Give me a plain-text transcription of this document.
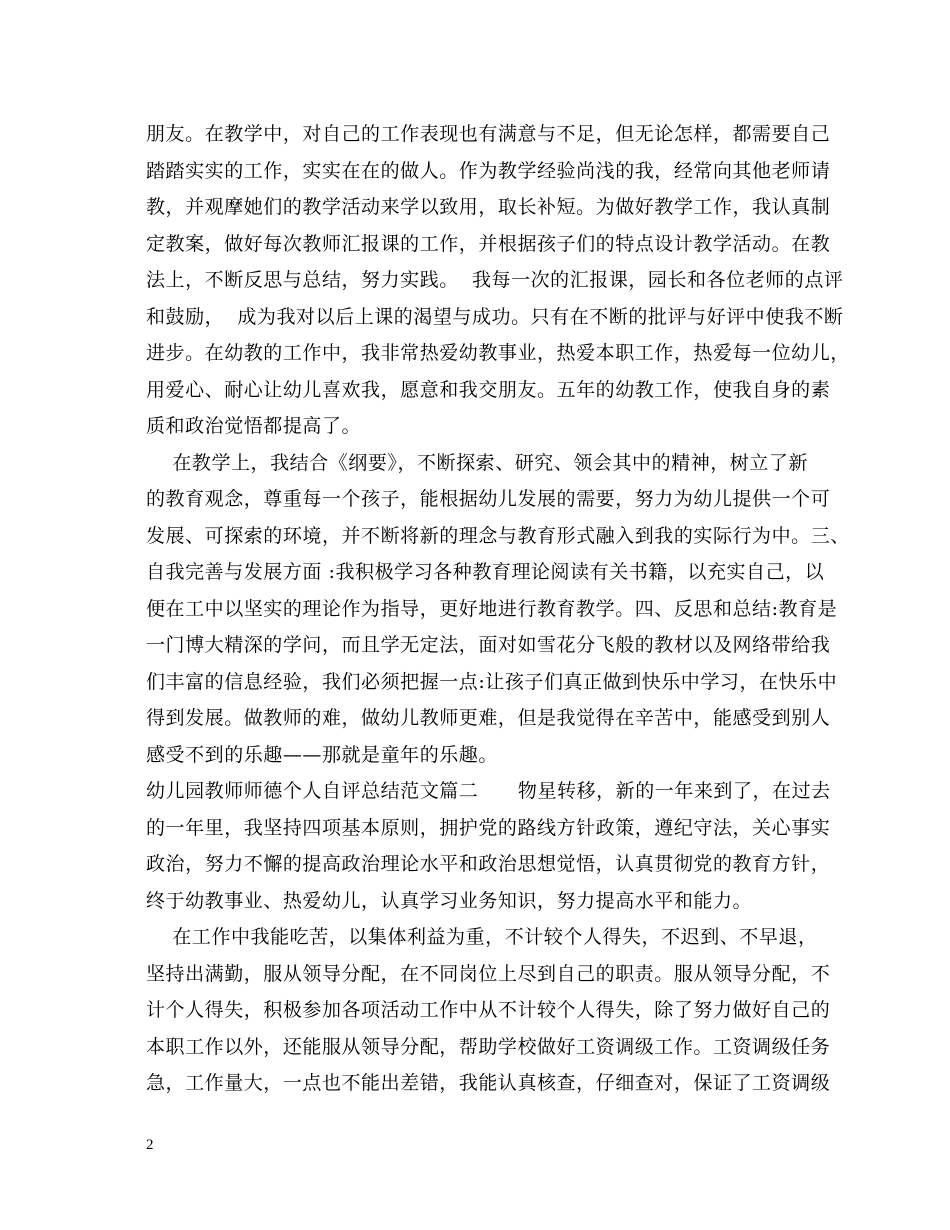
朋友。在教学中，对自己的工作表现也有满意与不足，但无论怎样，都需要自己
踏踏实实的工作，实实在在的做人。作为教学经验尚浅的我，经常向其他老师请
教，并观摩她们的教学活动来学以致用，取长补短。为做好教学工作，我认真制
定教案，做好每次教师汇报课的工作，并根据孩子们的特点设计教学活动。在教
法上，不断反思与总结，努力实践。  我每一次的汇报课，园长和各位老师的点评
和鼓励，  成为我对以后上课的渴望与成功。只有在不断的批评与好评中使我不断
进步。在幼教的工作中，我非常热爱幼教事业，热爱本职工作，热爱每一位幼儿，
用爱心、耐心让幼儿喜欢我，愿意和我交朋友。五年的幼教工作，使我自身的素
质和政治觉悟都提高了。
在教学上，我结合《纲要》，不断探索、研究、领会其中的精神，树立了新
的教育观念，尊重每一个孩子，能根据幼儿发展的需要，努力为幼儿提供一个可
发展、可探索的环境，并不断将新的理念与教育形式融入到我的实际行为中。三、
自我完善与发展方面 :我积极学习各种教育理论阅读有关书籍，以充实自己，以
便在工中以坚实的理论作为指导，更好地进行教育教学。四、反思和总结:教育是
一门博大精深的学问，而且学无定法，面对如雪花分飞般的教材以及网络带给我
们丰富的信息经验，我们必须把握一点:让孩子们真正做到快乐中学习，在快乐中
得到发展。做教师的难，做幼儿教师更难，但是我觉得在辛苦中，能感受到别人
感受不到的乐趣——那就是童年的乐趣。
幼儿园教师师德个人自评总结范文篇二      物星转移，新的一年来到了，在过去
的一年里，我坚持四项基本原则，拥护党的路线方针政策，遵纪守法，关心事实
政治，努力不懈的提高政治理论水平和政治思想觉悟，认真贯彻党的教育方针，
终于幼教事业、热爱幼儿，认真学习业务知识，努力提高水平和能力。
在工作中我能吃苦，以集体利益为重，不计较个人得失，不迟到、不早退，
坚持出满勤，服从领导分配，在不同岗位上尽到自己的职责。服从领导分配，不
计个人得失，积极参加各项活动工作中从不计较个人得失，除了努力做好自己的
本职工作以外，还能服从领导分配，帮助学校做好工资调级工作。工资调级任务
急，工作量大，一点也不能出差错，我能认真核查，仔细查对，保证了工资调级
2
